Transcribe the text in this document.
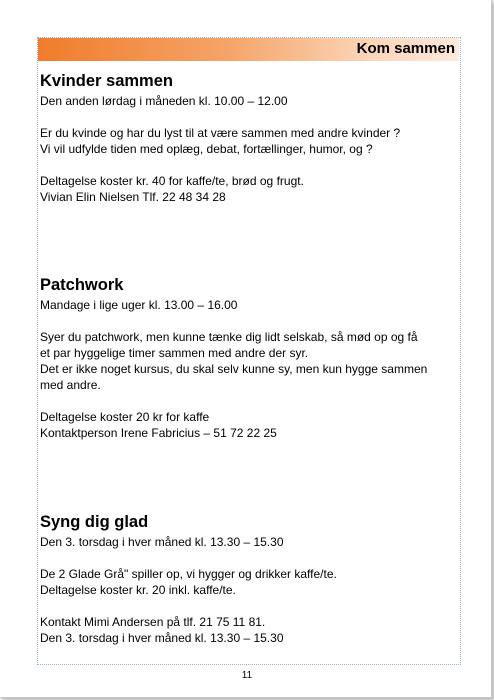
Kom sammen
Kvinder sammen
Den anden lørdag i måneden kl. 10.00 – 12.00
Er du kvinde og har du lyst til at være sammen med andre kvinder ?
Vi vil udfylde tiden med oplæg, debat, fortællinger, humor, og ?
Deltagelse koster kr. 40 for kaffe/te, brød og frugt.
Vivian Elin Nielsen Tlf. 22 48 34 28
Patchwork
Mandage i lige uger kl. 13.00 – 16.00
Syer du patchwork, men kunne tænke dig lidt selskab, så mød op og få
et par hyggelige timer sammen med andre der syr.
Det er ikke noget kursus, du skal selv kunne sy, men kun hygge sammen
med andre.
Deltagelse koster 20 kr for kaffe
Kontaktperson Irene Fabricius – 51 72 22 25
Syng dig glad
Den 3. torsdag i hver måned kl. 13.30 – 15.30
De 2 Glade Grå" spiller op, vi hygger og drikker kaffe/te.
Deltagelse koster kr. 20 inkl. kaffe/te.
Kontakt Mimi Andersen på tlf. 21 75 11 81.
Den 3. torsdag i hver måned kl. 13.30 – 15.30
11
